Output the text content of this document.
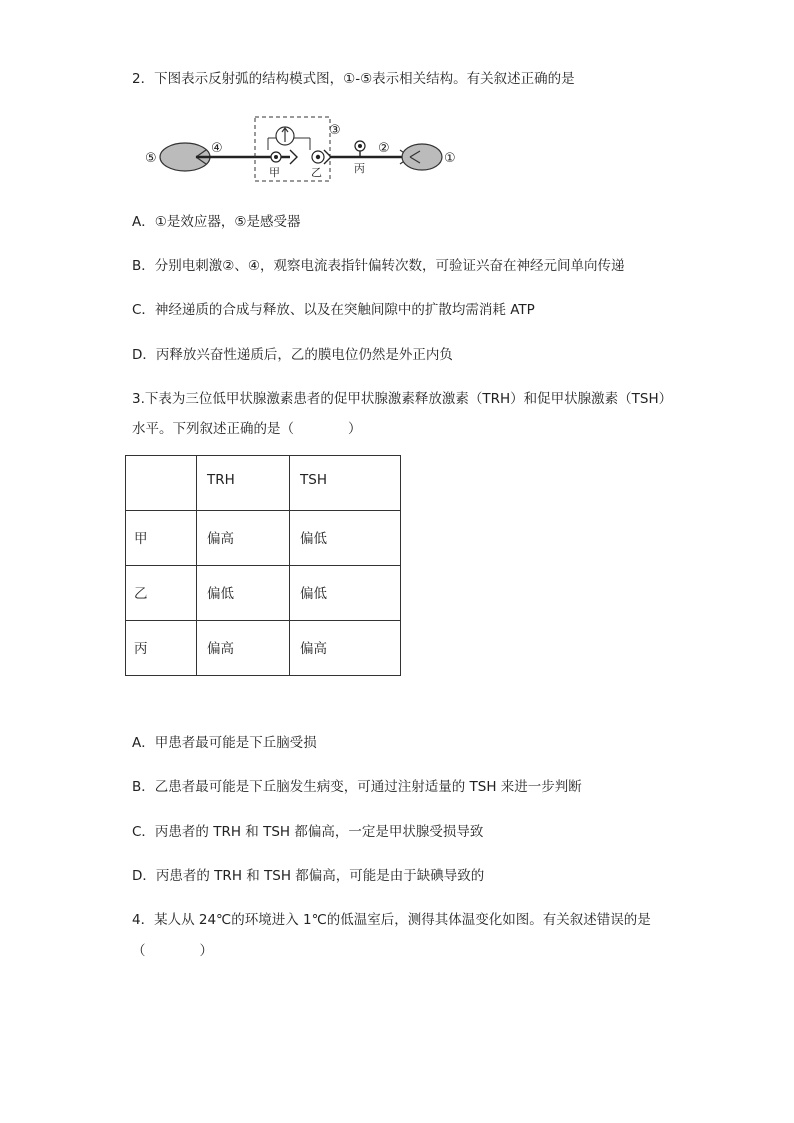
2．下图表示反射弧的结构模式图，①-⑤表示相关结构。有关叙述正确的是
⑤
④
甲	乙
③
丙
②
①
A．①是效应器，⑤是感受器
B．分别电刺激②、④，观察电流表指针偏转次数，可验证兴奋在神经元间单向传递
C．神经递质的合成与释放、以及在突触间隙中的扩散均需消耗 ATP
D．丙释放兴奋性递质后，乙的膜电位仍然是外正内负
3.下表为三位低甲状腺激素患者的促甲状腺激素释放激素（TRH）和促甲状腺激素（TSH）
水平。下列叙述正确的是（　　　　）
	TRH	TSH
甲	偏高	偏低
乙	偏低	偏低
丙	偏高	偏高
A．甲患者最可能是下丘脑受损
B．乙患者最可能是下丘脑发生病变，可通过注射适量的 TSH 来进一步判断
C．丙患者的 TRH 和 TSH 都偏高，一定是甲状腺受损导致
D．丙患者的 TRH 和 TSH 都偏高，可能是由于缺碘导致的
4．某人从 24℃的环境进入 1℃的低温室后，测得其体温变化如图。有关叙述错误的是
（　　　　）
